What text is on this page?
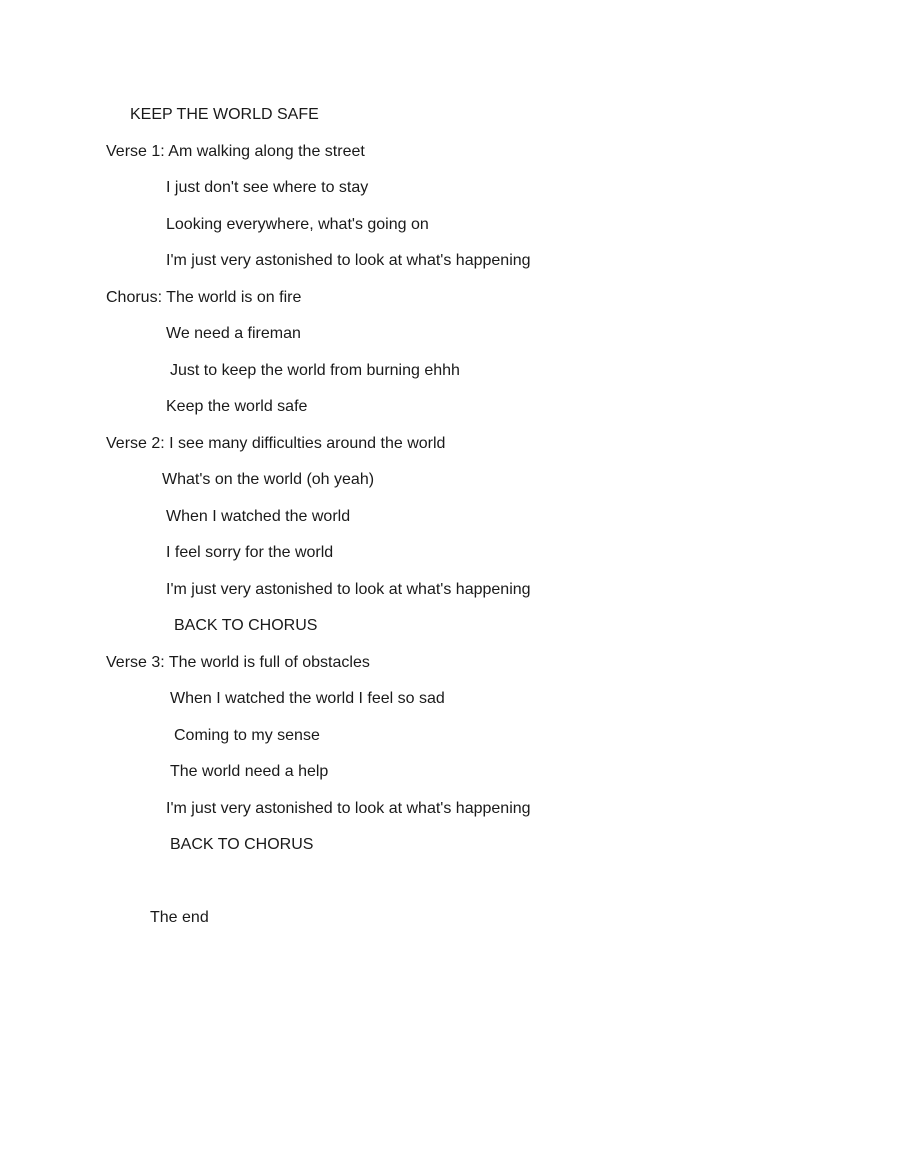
KEEP THE WORLD SAFE

Verse 1: Am walking along the street

I just don't see where to stay

Looking everywhere, what's going on

I'm just very astonished to look at what's happening

Chorus: The world is on fire

We need a fireman

Just to keep the world from burning ehhh

Keep the world safe

Verse 2: I see many difficulties around the world

What's on the world (oh yeah)

When I watched the world

I feel sorry for the world

I'm just very astonished to look at what's happening

BACK TO CHORUS

Verse 3: The world is full of obstacles

When I watched the world I feel so sad

Coming to my sense

The world need a help

I'm just very astonished to look at what's happening

BACK TO CHORUS

The end
